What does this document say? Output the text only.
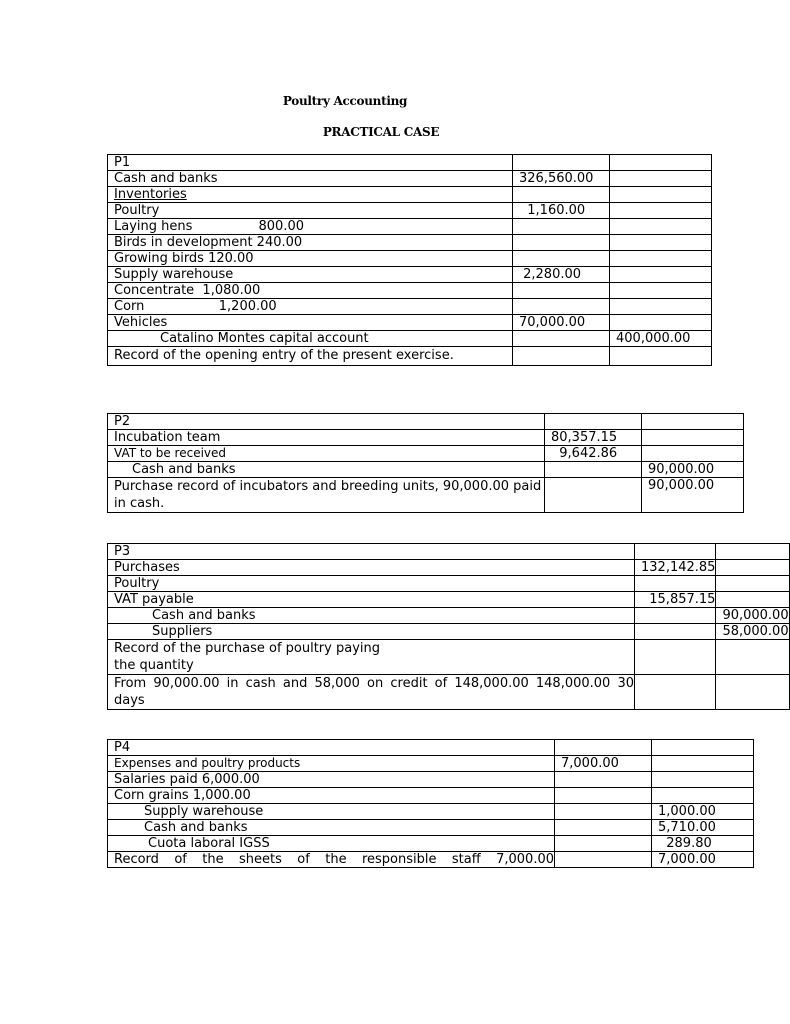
Poultry Accounting
PRACTICAL CASE
P1		
Cash and banks	326,560.00	
Inventories		
Poultry	1,160.00	
Laying hens                800.00		
Birds in development 240.00		
Growing birds 120.00		
Supply warehouse	2,280.00	
Concentrate  1,080.00		
Corn                  1,200.00		
Vehicles	70,000.00	
Catalino Montes capital account		400,000.00
Record of the opening entry of the present exercise.		
P2		
Incubation team	80,357.15	
VAT to be received	9,642.86	
Cash and banks		90,000.00

Purchase record of incubators and breeding units, 90,000.00 paid in cash.		90,000.00
P3		
Purchases	132,142.85	
Poultry		
VAT payable	15,857.15	
Cash and banks		90,000.00
Suppliers		58,000.00
Record of the purchase of poultry paying
the quantity		

From 90,000.00 in cash and 58,000 on credit of 148,000.00 148,000.00 30 days		

P4		
Expenses and poultry products	7,000.00	
Salaries paid 6,000.00		
Corn grains 1,000.00		
Supply warehouse		1,000.00
Cash and banks		5,710.00
Cuota laboral IGSS		289.80
Record of the sheets of the responsible staff 7,000.00		7,000.00
